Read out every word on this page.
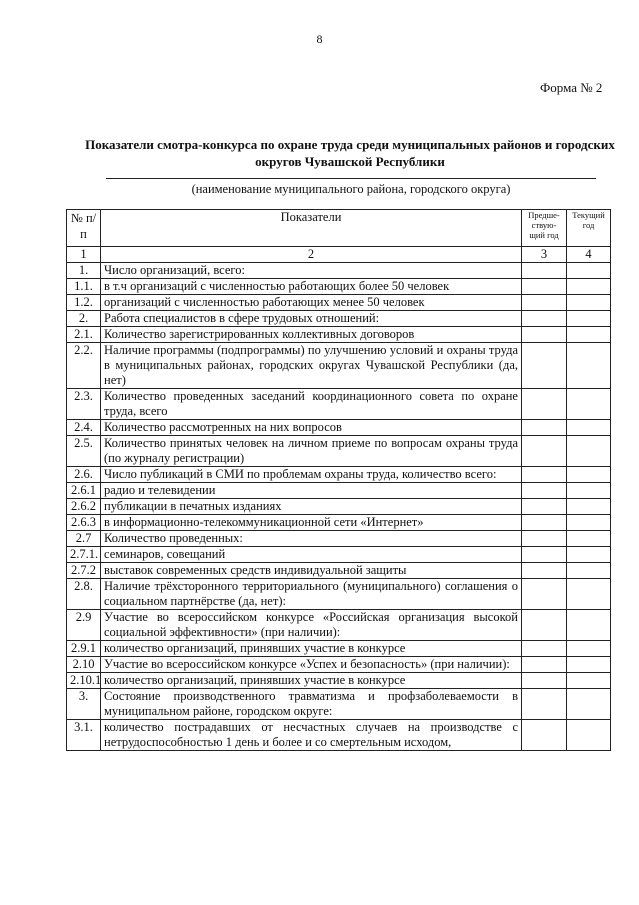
8
Форма № 2
Показатели смотра-конкурса по охране труда среди муниципальных районов и городских округов Чувашской Республики
(наименование муниципального района, городского округа)
№ п/п	Показатели	Предше-ствую-щий год	Текущий год
1	2	3	4
1.	Число организаций, всего:		
1.1.	в т.ч организаций с численностью работающих более 50 человек		
1.2.	организаций с численностью работающих менее 50 человек		
2.	Работа специалистов в сфере трудовых отношений:		
2.1.	Количество зарегистрированных коллективных договоров		
2.2.	Наличие программы (подпрограммы) по улучшению условий и охраны труда в муниципальных районах, городских округах Чувашской Республики (да, нет)		
2.3.	Количество проведенных заседаний координационного совета по охране труда, всего		
2.4.	Количество рассмотренных на них вопросов		
2.5.	Количество принятых человек на личном приеме по вопросам охраны труда (по журналу регистрации)		
2.6.	Число публикаций в СМИ по проблемам охраны труда, количество всего:		
2.6.1	радио и телевидении		
2.6.2	публикации в печатных изданиях		
2.6.3	в информационно-телекоммуникационной сети «Интернет»		
2.7	Количество проведенных:		
2.7.1.	семинаров, совещаний		
2.7.2	выставок современных средств индивидуальной защиты		
2.8.	Наличие трёхсторонного территориального (муниципального) соглашения о социальном партнёрстве (да, нет):		
2.9	Участие во всероссийском конкурсе «Российская организация высокой социальной эффективности» (при наличии):		
2.9.1	количество организаций, принявших участие в конкурсе		
2.10	Участие во всероссийском конкурсе «Успех и безопасность» (при наличии):		
2.10.1	количество организаций, принявших участие в конкурсе		
3.	Состояние производственного травматизма и профзаболеваемости в муниципальном районе, городском округе:		
3.1.	количество пострадавших от несчастных случаев на производстве с нетрудоспособностью 1 день и более и со смертельным исходом,		
